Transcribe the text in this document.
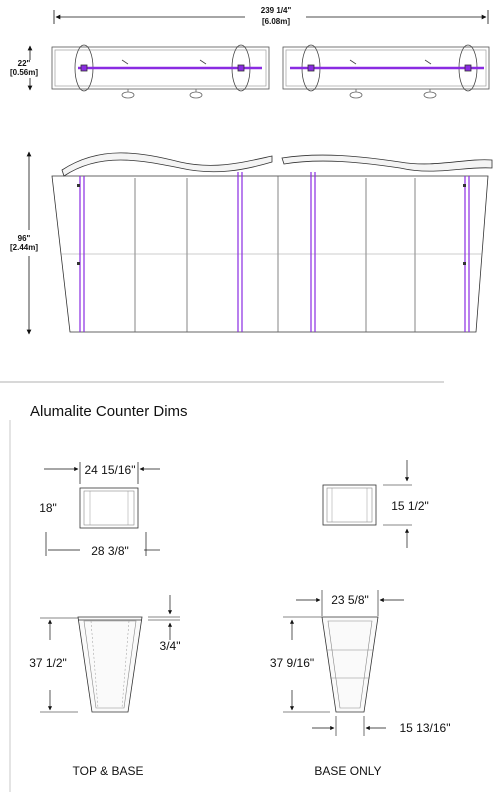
239 1/4"
[6.08m]
22"
[0.56m]
96"
[2.44m]
Alumalite Counter Dims
24 15/16"
28 3/8"
18"	15 1/2"
37 1/2"
3/4"
TOP & BASE
23 5/8"
37 9/16"
15 13/16"
BASE ONLY
